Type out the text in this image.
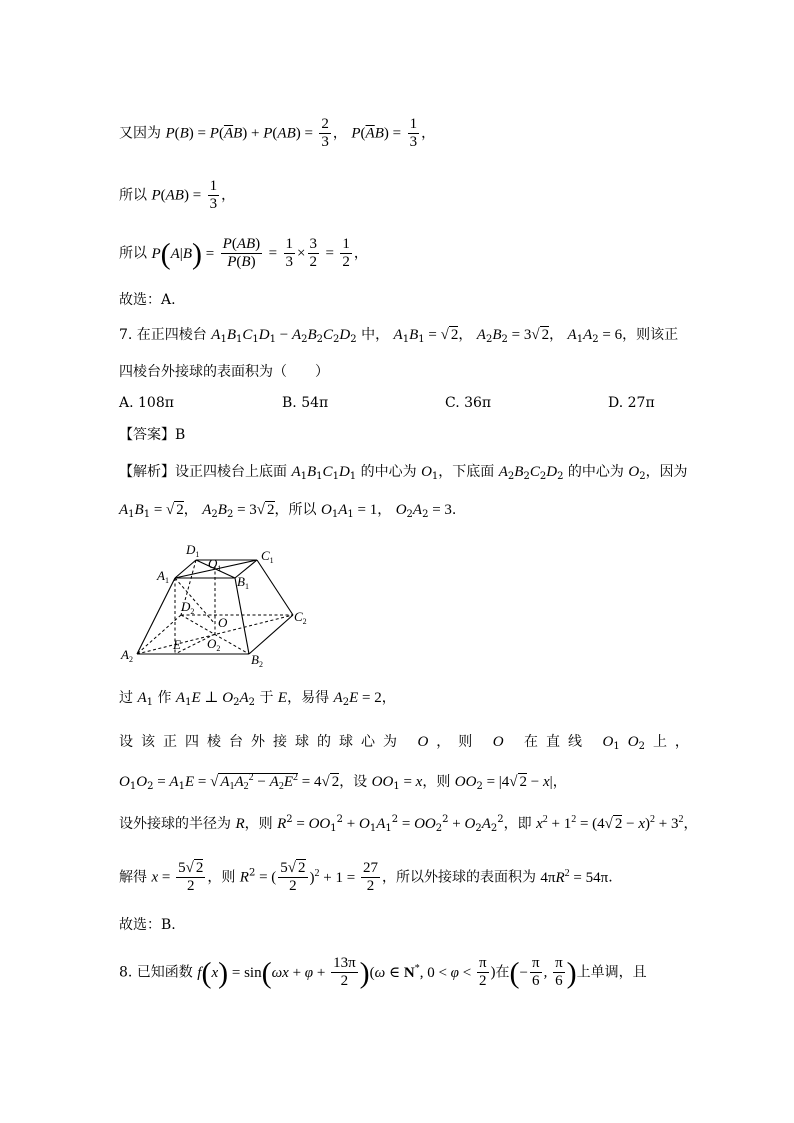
又因为 $P(B) = P(\overline{A}B) + P(AB) = \frac{2}{3}$ ， $P(\overline{A}B) = \frac{1}{3}$ ，
所以 $P(AB) = \frac{1}{3}$ ，
所以 $P(A|B) = \frac{P(AB)}{P(B)} = \frac{1}{3} \times \frac{3}{2} = \frac{1}{2}$ ，
故选：A.
7. 在正四棱台 $A_1B_1C_1D_1 - A_2B_2C_2D_2$ 中， $A_1B_1$ = √ 2， $A_2B_2 = 3√$ 2， $A_1A_2 = 6$，则该正
四棱台外接球的表面积为（　　）
A. 108π	B. 54π	C. 36π	D. 27π
【答案】B
【解析】设正四棱台上底面 $A_1B_1C_1D_1$ 的中心为 $O_1$，下底面 $A_2B_2C_2D_2$ 的中心为 $O_2$，因为
$A_1B_1$ = √ 2， $A_2B_2 = 3√$ 2，所以 $O_1A_1 = 1$， $O_2A_2 = 3$.
$D_1$
$O_1$
$C_1$
$A_1$	$B_1$
$D_2$
O	$C_2$
E $O_2$
$A_2$	$B_2$
过 $A_1$ 作 $A_1E$ ⊥ $O_2A_2$ 于 E，易得 $A_2E = 2$，
设该正四棱台外接球的球心为 O，则 O 在直线 $O_1O_2$上，
$O_1O_2 = A_1E$ = √ $A_1A_2^2 - A_2E^2 = 4√$ 2，设 $OO_1 = x$，则 $OO_2 = |4√$ 2 − x|，
设外接球的半径为 R，则 $R^2 = OO_1^2 + O_1A_1^2 = OO_2^2 + O_2A_2^2$，即 $x^2 + 1^2 = (4√$ $2 - x)^2 + 3^2$，
解得 $x = \frac{5√ 2}{2}$ ，则 $R^2$ = ( $\frac{5√ 2}{2} )^2 + 1 = \frac{27}{2}$ ，所以外接球的表面积为 $4\pi R^2 = 54\pi$.
故选：B.
8. 已知函数 $f(x) = \sin(\omega x + \varphi + \frac{13\pi}{2} )(\omega$ ∈ N*, $0 < \varphi < \frac{\pi}{2}$ )在(− $\frac{\pi}{6}$ , $\frac{\pi}{6}$ )上单调，且
